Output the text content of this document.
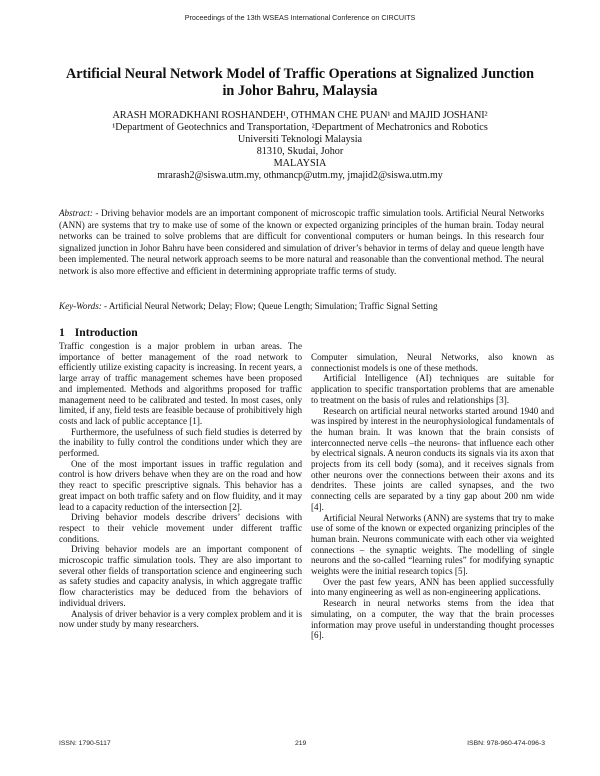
Proceedings of the 13th WSEAS International Conference on CIRCUITS
Artificial Neural Network Model of Traffic Operations at Signalized Junction in Johor Bahru, Malaysia
ARASH MORADKHANI ROSHANDEH¹, OTHMAN CHE PUAN¹ and MAJID JOSHANI²
¹Department of Geotechnics and Transportation, ²Department of Mechatronics and Robotics
Universiti Teknologi Malaysia
81310, Skudai, Johor
MALAYSIA
mrarash2@siswa.utm.my, othmancp@utm.my, jmajid2@siswa.utm.my

Abstract: - Driving behavior models are an important component of microscopic traffic simulation tools. Artificial Neural Networks (ANN) are systems that try to make use of some of the known or expected organizing principles of the human brain. Today neural networks can be trained to solve problems that are difficult for conventional computers or human beings. In this research four signalized junction in Johor Bahru have been considered and simulation of driver’s behavior in terms of delay and queue length have been implemented. The neural network approach seems to be more natural and reasonable than the conventional method. The neural network is also more effective and efficient in determining appropriate traffic terms of study.

Key-Words: - Artificial Neural Network; Delay; Flow; Queue Length; Simulation; Traffic Signal Setting

1 Introduction

Traffic congestion is a major problem in urban areas. The importance of better management of the road network to efficiently utilize existing capacity is increasing. In recent years, a large array of traffic management schemes have been proposed and implemented. Methods and algorithms proposed for traffic management need to be calibrated and tested. In most cases, only limited, if any, field tests are feasible because of prohibitively high costs and lack of public acceptance [1].

Furthermore, the usefulness of such field studies is deterred by the inability to fully control the conditions under which they are performed.

One of the most important issues in traffic regulation and control is how drivers behave when they are on the road and how they react to specific prescriptive signals. This behavior has a great impact on both traffic safety and on flow fluidity, and it may lead to a capacity reduction of the intersection [2].

Driving behavior models describe drivers’ decisions with respect to their vehicle movement under different traffic conditions.

Driving behavior models are an important component of microscopic traffic simulation tools. They are also important to several other fields of transportation science and engineering such as safety studies and capacity analysis, in which aggregate traffic flow characteristics may be deduced from the behaviors of individual drivers.

Analysis of driver behavior is a very complex problem and it is now under study by many researchers.

Computer simulation, Neural Networks, also known as connectionist models is one of these methods.

Artificial Intelligence (AI) techniques are suitable for application to specific transportation problems that are amenable to treatment on the basis of rules and relationships [3].

Research on artificial neural networks started around 1940 and was inspired by interest in the neurophysiological fundamentals of the human brain. It was known that the brain consists of interconnected nerve cells –the neurons- that influence each other by electrical signals. A neuron conducts its signals via its axon that projects from its cell body (soma), and it receives signals from other neurons over the connections between their axons and its dendrites. These joints are called synapses, and the two connecting cells are separated by a tiny gap about 200 nm wide [4].

Artificial Neural Networks (ANN) are systems that try to make use of some of the known or expected organizing principles of the human brain. Neurons communicate with each other via weighted connections – the synaptic weights. The modelling of single neurons and the so-called “learning rules” for modifying synaptic weights were the initial research topics [5].

Over the past few years, ANN has been applied successfully into many engineering as well as non-engineering applications.

Research in neural networks stems from the idea that simulating, on a computer, the way that the brain processes information may prove useful in understanding thought processes [6].

ISSN: 1790-5117	219	ISBN: 978-960-474-096-3
